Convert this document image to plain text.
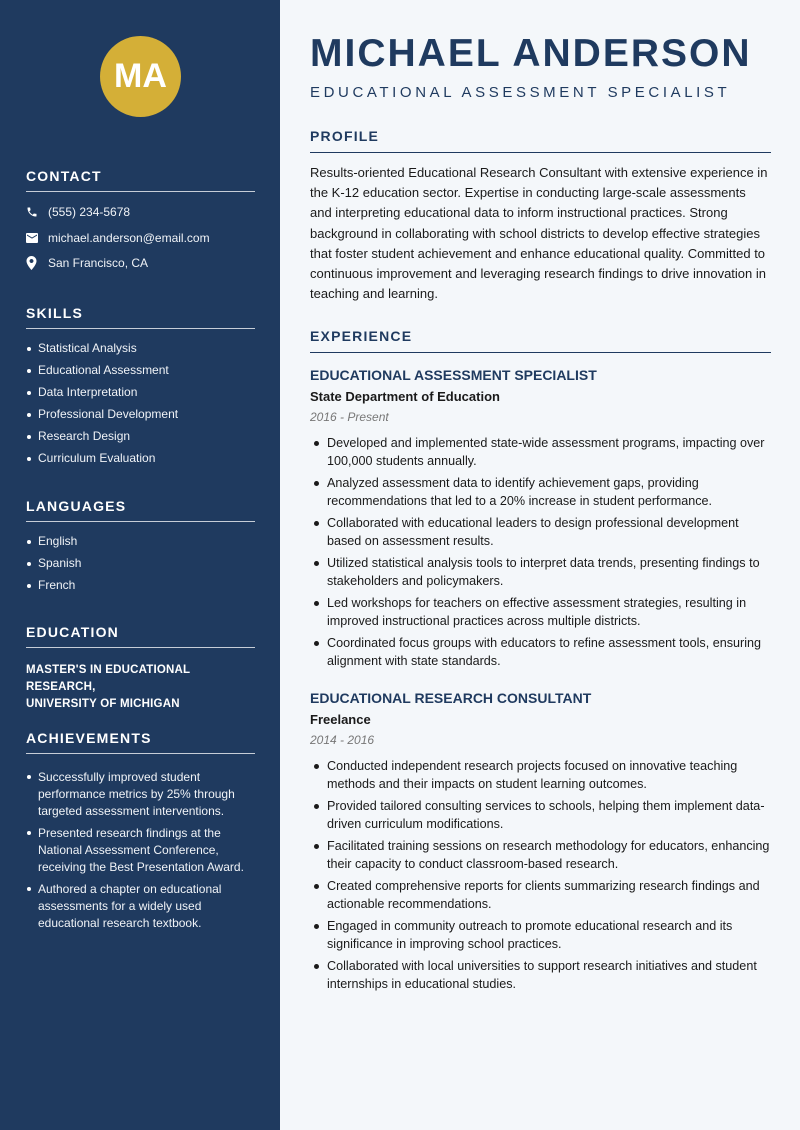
MA
CONTACT
(555) 234-5678
michael.anderson@email.com
San Francisco, CA
SKILLS
Statistical Analysis
Educational Assessment
Data Interpretation
Professional Development
Research Design
Curriculum Evaluation
LANGUAGES
English
Spanish
French
EDUCATION
MASTER'S IN EDUCATIONAL RESEARCH,
UNIVERSITY OF MICHIGAN
ACHIEVEMENTS
Successfully improved student performance metrics by 25% through targeted assessment interventions.
Presented research findings at the National Assessment Conference, receiving the Best Presentation Award.
Authored a chapter on educational assessments for a widely used educational research textbook.
MICHAEL ANDERSON
EDUCATIONAL ASSESSMENT SPECIALIST
PROFILE
Results-oriented Educational Research Consultant with extensive experience in the K-12 education sector. Expertise in conducting large-scale assessments and interpreting educational data to inform instructional practices. Strong background in collaborating with school districts to develop effective strategies that foster student achievement and enhance educational quality. Committed to continuous improvement and leveraging research findings to drive innovation in teaching and learning.
EXPERIENCE
EDUCATIONAL ASSESSMENT SPECIALIST
State Department of Education
2016 - Present
Developed and implemented state-wide assessment programs, impacting over 100,000 students annually.
Analyzed assessment data to identify achievement gaps, providing recommendations that led to a 20% increase in student performance.
Collaborated with educational leaders to design professional development based on assessment results.
Utilized statistical analysis tools to interpret data trends, presenting findings to stakeholders and policymakers.
Led workshops for teachers on effective assessment strategies, resulting in improved instructional practices across multiple districts.
Coordinated focus groups with educators to refine assessment tools, ensuring alignment with state standards.
EDUCATIONAL RESEARCH CONSULTANT
Freelance
2014 - 2016
Conducted independent research projects focused on innovative teaching methods and their impacts on student learning outcomes.
Provided tailored consulting services to schools, helping them implement data-driven curriculum modifications.
Facilitated training sessions on research methodology for educators, enhancing their capacity to conduct classroom-based research.
Created comprehensive reports for clients summarizing research findings and actionable recommendations.
Engaged in community outreach to promote educational research and its significance in improving school practices.
Collaborated with local universities to support research initiatives and student internships in educational studies.
